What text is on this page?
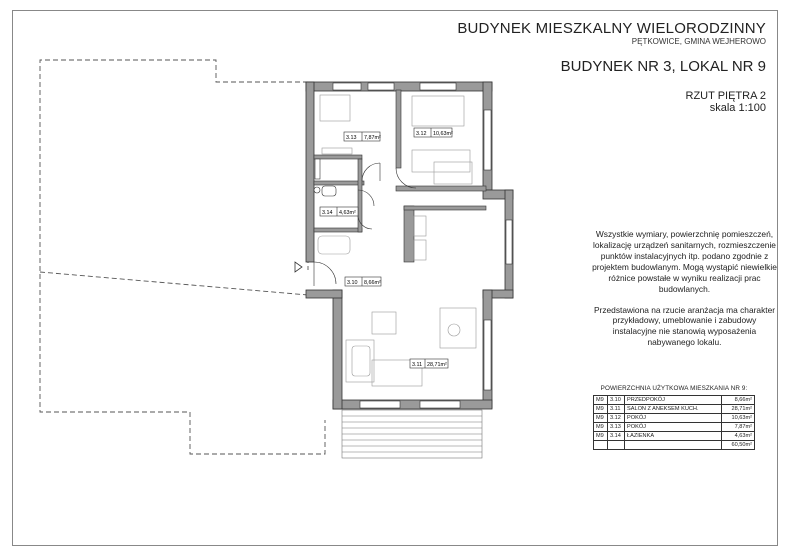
3.13 7,87m²
3.12 10,63m²
3.14 4,63m²
3.10 8,66m²
3.11 28,71m²
BUDYNEK MIESZKALNY WIELORODZINNY
PĘTKOWICE, GMINA WEJHEROWO
BUDYNEK NR 3, LOKAL NR 9
RZUT PIĘTRA 2
skala 1:100

Wszystkie wymiary, powierzchnię pomieszczeń, lokalizację urządzeń sanitarnych, rozmieszczenie punktów instalacyjnych itp. podano zgodnie z projektem budowlanym. Mogą wystąpić niewielkie różnice powstałe w wyniku realizacji prac budowlanych.

Przedstawiona na rzucie aranżacja ma charakter przykładowy, umeblowanie i zabudowy instalacyjne nie stanowią wyposażenia nabywanego lokalu.

POWIERZCHNIA UŻYTKOWA MIESZKANIA NR 9:
M9	3.10	PRZEDPOKÓJ	8,66m²
M9	3.11	SALON Z ANEKSEM KUCH.	28,71m²
M9	3.12	POKÓJ	10,63m²
M9	3.13	POKÓJ	7,87m²
M9	3.14	ŁAZIENKA	4,63m²
			60,50m²
